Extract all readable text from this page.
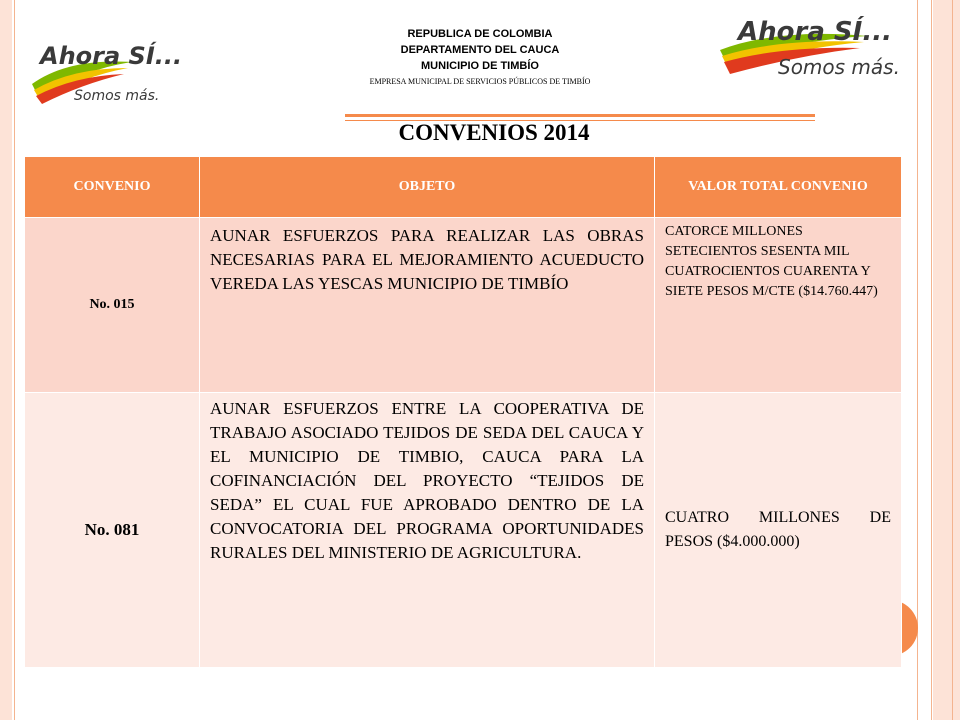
Ahora SÍ...
Somos más.
Ahora SÍ...
Somos más.
REPUBLICA DE COLOMBIA
DEPARTAMENTO DEL CAUCA
MUNICIPIO DE TIMBÍO
EMPRESA MUNICIPAL DE SERVICIOS PÚBLICOS DE TIMBÍO
CONVENIOS 2014
CONVENIO	OBJETO	VALOR TOTAL CONVENIO
No. 015	AUNAR ESFUERZOS PARA REALIZAR LAS OBRAS NECESARIAS PARA EL MEJORAMIENTO ACUEDUCTO VEREDA LAS YESCAS MUNICIPIO DE TIMBÍO	CATORCE MILLONES SETECIENTOS SESENTA MIL CUATROCIENTOS CUARENTA Y SIETE PESOS M/CTE ($14.760.447)
No. 081	AUNAR ESFUERZOS ENTRE LA COOPERATIVA DE TRABAJO ASOCIADO TEJIDOS DE SEDA DEL CAUCA Y EL MUNICIPIO DE TIMBIO, CAUCA PARA LA COFINANCIACIÓN DEL PROYECTO “TEJIDOS DE SEDA” EL CUAL FUE APROBADO DENTRO DE LA CONVOCATORIA DEL PROGRAMA OPORTUNIDADES RURALES DEL MINISTERIO DE AGRICULTURA.	CUATRO MILLONES DE PESOS ($4.000.000)
